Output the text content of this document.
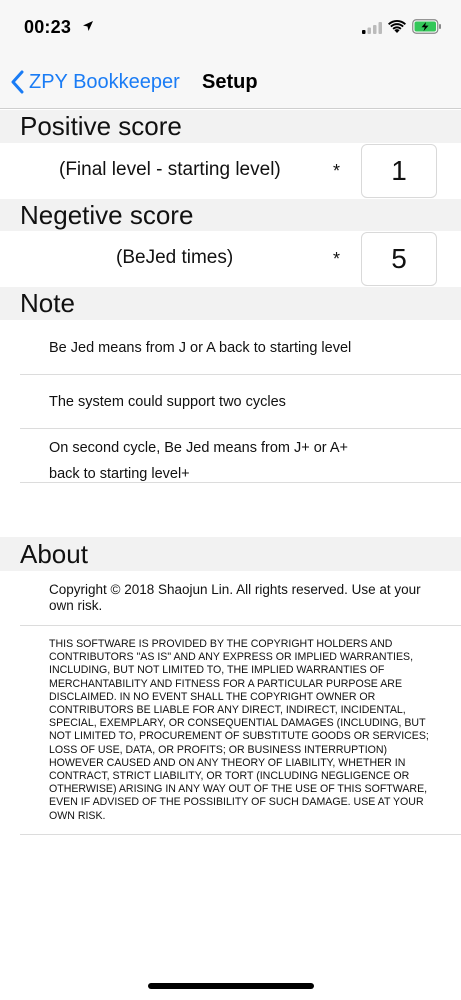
00:23
ZPY Bookkeeper Setup
Positive score
(Final level - starting level)	*
1
Negetive score
(BeJed times)	*
5
Note
Be Jed means from J or A back to starting level
The system could support two cycles
On second cycle, Be Jed means from J+ or A+
back to starting level+
About
Copyright © 2018 Shaojun Lin. All rights reserved. Use at your own risk.
THIS SOFTWARE IS PROVIDED BY THE COPYRIGHT HOLDERS AND CONTRIBUTORS "AS IS" AND ANY EXPRESS OR IMPLIED WARRANTIES, INCLUDING, BUT NOT LIMITED TO, THE IMPLIED WARRANTIES OF MERCHANTABILITY AND FITNESS FOR A PARTICULAR PURPOSE ARE DISCLAIMED. IN NO EVENT SHALL THE COPYRIGHT OWNER OR CONTRIBUTORS BE LIABLE FOR ANY DIRECT, INDIRECT, INCIDENTAL, SPECIAL, EXEMPLARY, OR CONSEQUENTIAL DAMAGES (INCLUDING, BUT NOT LIMITED TO, PROCUREMENT OF SUBSTITUTE GOODS OR SERVICES; LOSS OF USE, DATA, OR PROFITS; OR BUSINESS INTERRUPTION) HOWEVER CAUSED AND ON ANY THEORY OF LIABILITY, WHETHER IN CONTRACT, STRICT LIABILITY, OR TORT (INCLUDING NEGLIGENCE OR OTHERWISE) ARISING IN ANY WAY OUT OF THE USE OF THIS SOFTWARE, EVEN IF ADVISED OF THE POSSIBILITY OF SUCH DAMAGE. USE AT YOUR OWN RISK.
